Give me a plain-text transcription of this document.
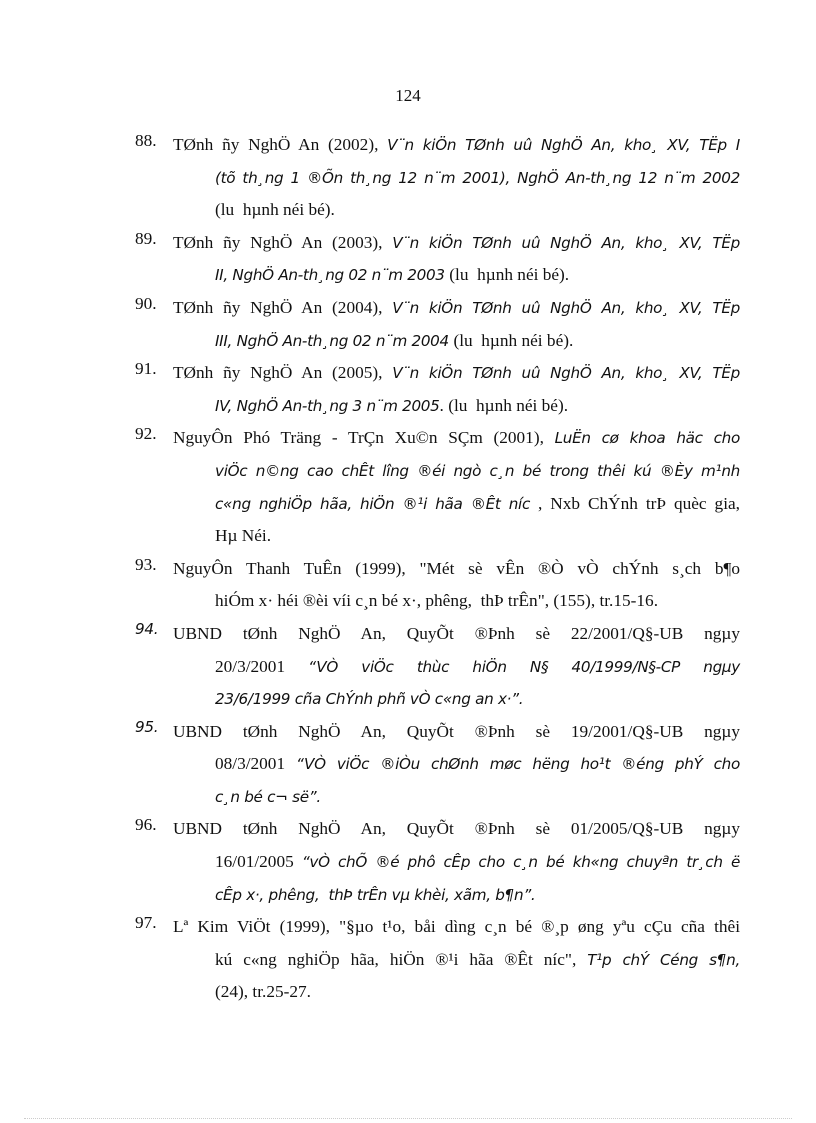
124
88. TØnh ñy NghÖ An (2002), V¨n kiÖn TØnh uû NghÖ An, kho¸ XV, TËp I
(tõ th¸ng 1 ®Õn th¸ng 12 n¨m 2001), NghÖ An-th¸ng 12 n¨m 2002
(lu  hµnh néi bé).
89. TØnh ñy NghÖ An (2003), V¨n kiÖn TØnh uû NghÖ An, kho¸ XV, TËp
II, NghÖ An-th¸ng 02 n¨m 2003 (lu  hµnh néi bé).
90. TØnh ñy NghÖ An (2004), V¨n kiÖn TØnh uû NghÖ An, kho¸ XV, TËp
III, NghÖ An-th¸ng 02 n¨m 2004 (lu  hµnh néi bé).
91. TØnh ñy NghÖ An (2005), V¨n kiÖn TØnh uû NghÖ An, kho¸ XV, TËp
IV, NghÖ An-th¸ng 3 n¨m 2005. (lu  hµnh néi bé).
92. NguyÔn Phó Träng - TrÇn Xu©n SÇm (2001), LuËn cø khoa häc cho
viÖc n©ng cao chÊt lîng ®éi ngò c¸n bé trong thêi kú ®Èy m¹nh
c«ng nghiÖp hãa, hiÖn ®¹i hãa ®Êt níc , Nxb ChÝnh trÞ quèc gia,
Hµ Néi.
93. NguyÔn Thanh TuÊn (1999), "Mét sè vÊn ®Ò vÒ chÝnh s¸ch b¶o
hiÓm x· héi ®èi víi c¸n bé x·, phêng,  thÞ trÊn", (155), tr.15-16.
94. UBND tØnh NghÖ An, QuyÕt ®Þnh sè 22/2001/Q§-UB ngµy
20/3/2001 “VÒ viÖc thùc hiÖn N§ 40/1999/N§-CP ngµy
23/6/1999 cña ChÝnh phñ vÒ c«ng an x·”.
95. UBND tØnh NghÖ An, QuyÕt ®Þnh sè 19/2001/Q§-UB ngµy
08/3/2001 “VÒ viÖc ®iÒu chØnh møc hëng ho¹t ®éng phÝ cho
c¸n bé c¬ së”.
96. UBND tØnh NghÖ An, QuyÕt ®Þnh sè 01/2005/Q§-UB ngµy
16/01/2005 “vÒ chÕ ®é phô cÊp cho c¸n bé kh«ng chuyªn tr¸ch ë
cÊp x·, phêng,  thÞ trÊn vµ khèi, xãm, b¶n”.
97. Lª Kim ViÖt (1999), "§µo t¹o, båi dìng c¸n bé ®¸p øng yªu cÇu cña thêi
kú c«ng nghiÖp hãa, hiÖn ®¹i hãa ®Êt níc", T¹p chÝ Céng s¶n,
(24), tr.25-27.
